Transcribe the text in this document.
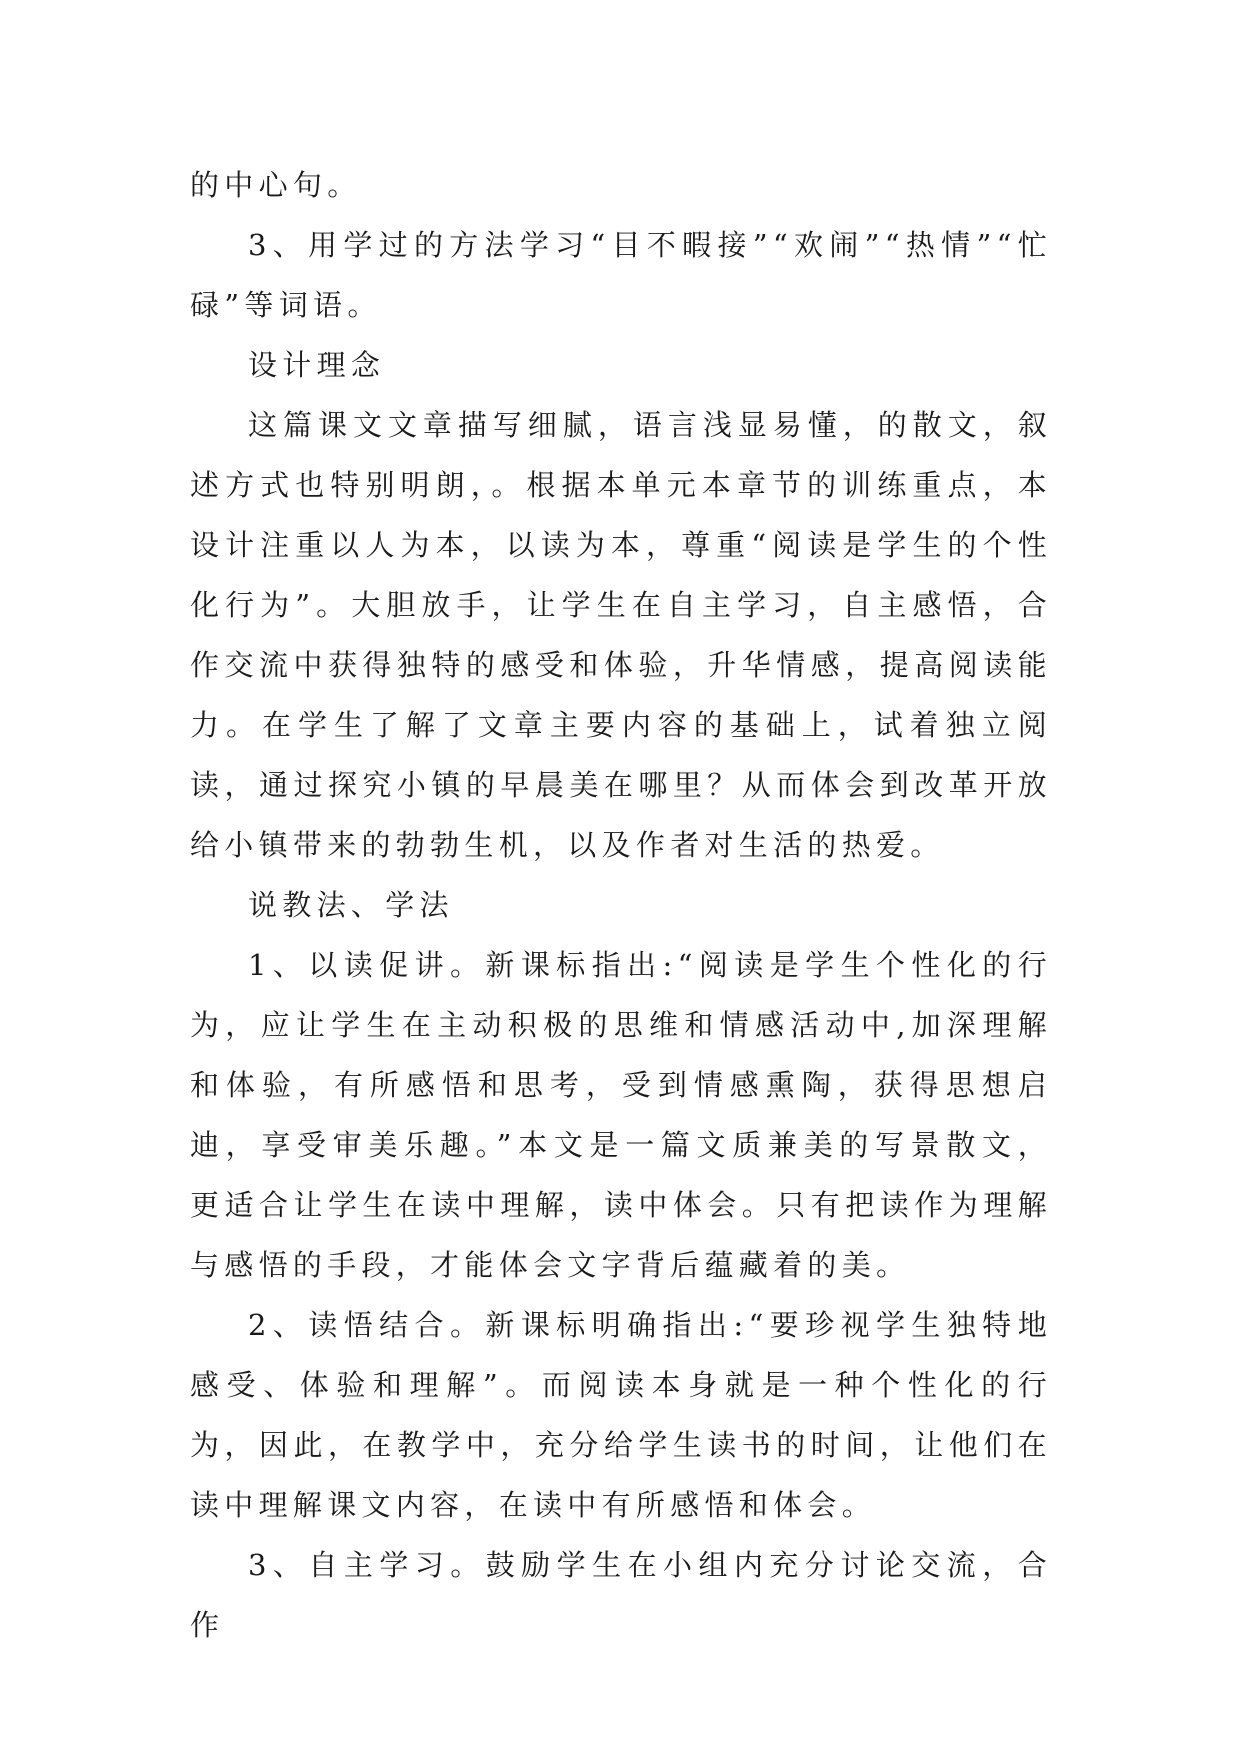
的中心句。

3、用学过的方法学习“目不暇接”“欢闹”“热情”“忙碌”等词语。

设计理念

这篇课文文章描写细腻，语言浅显易懂，的散文，叙述方式也特别明朗，。根据本单元本章节的训练重点，本设计注重以人为本，以读为本，尊重“阅读是学生的个性化行为”。大胆放手，让学生在自主学习，自主感悟，合作交流中获得独特的感受和体验，升华情感，提高阅读能力。在学生了解了文章主要内容的基础上，试着独立阅读，通过探究小镇的早晨美在哪里？从而体会到改革开放给小镇带来的勃勃生机，以及作者对生活的热爱。

说教法、学法

1、以读促讲。新课标指出:“阅读是学生个性化的行为，应让学生在主动积极的思维和情感活动中,加深理解和体验，有所感悟和思考，受到情感熏陶，获得思想启迪，享受审美乐趣。”本文是一篇文质兼美的写景散文，更适合让学生在读中理解，读中体会。只有把读作为理解与感悟的手段，才能体会文字背后蕴藏着的美。

2、读悟结合。新课标明确指出:“要珍视学生独特地感受、体验和理解”。而阅读本身就是一种个性化的行为，因此，在教学中，充分给学生读书的时间，让他们在读中理解课文内容，在读中有所感悟和体会。

3、自主学习。鼓励学生在小组内充分讨论交流，合作
